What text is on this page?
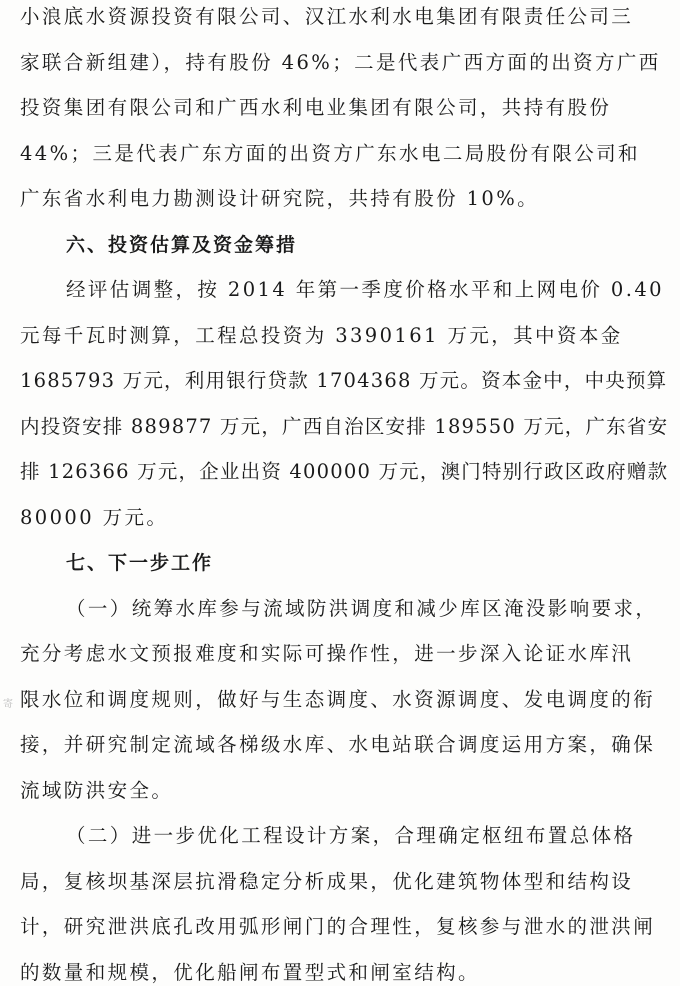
小浪底水资源投资有限公司、汉江水利水电集团有限责任公司三
家联合新组建），持有股份 46%；二是代表广西方面的出资方广西
投资集团有限公司和广西水利电业集团有限公司，共持有股份
44%；三是代表广东方面的出资方广东水电二局股份有限公司和
广东省水利电力勘测设计研究院，共持有股份 10%。
六、投资估算及资金筹措
经评估调整，按 2014 年第一季度价格水平和上网电价 0.40
元每千瓦时测算，工程总投资为 3390161 万元，其中资本金
1685793 万元，利用银行贷款 1704368 万元。资本金中，中央预算
内投资安排 889877 万元，广西自治区安排 189550 万元，广东省安
排 126366 万元，企业出资 400000 万元，澳门特别行政区政府赠款
80000 万元。
七、下一步工作
（一）统筹水库参与流域防洪调度和减少库区淹没影响要求，
充分考虑水文预报难度和实际可操作性，进一步深入论证水库汛
限水位和调度规则，做好与生态调度、水资源调度、发电调度的衔
接，并研究制定流域各梯级水库、水电站联合调度运用方案，确保
流域防洪安全。
（二）进一步优化工程设计方案，合理确定枢纽布置总体格
局，复核坝基深层抗滑稳定分析成果，优化建筑物体型和结构设
计，研究泄洪底孔改用弧形闸门的合理性，复核参与泄水的泄洪闸
的数量和规模，优化船闸布置型式和闸室结构。
寄
